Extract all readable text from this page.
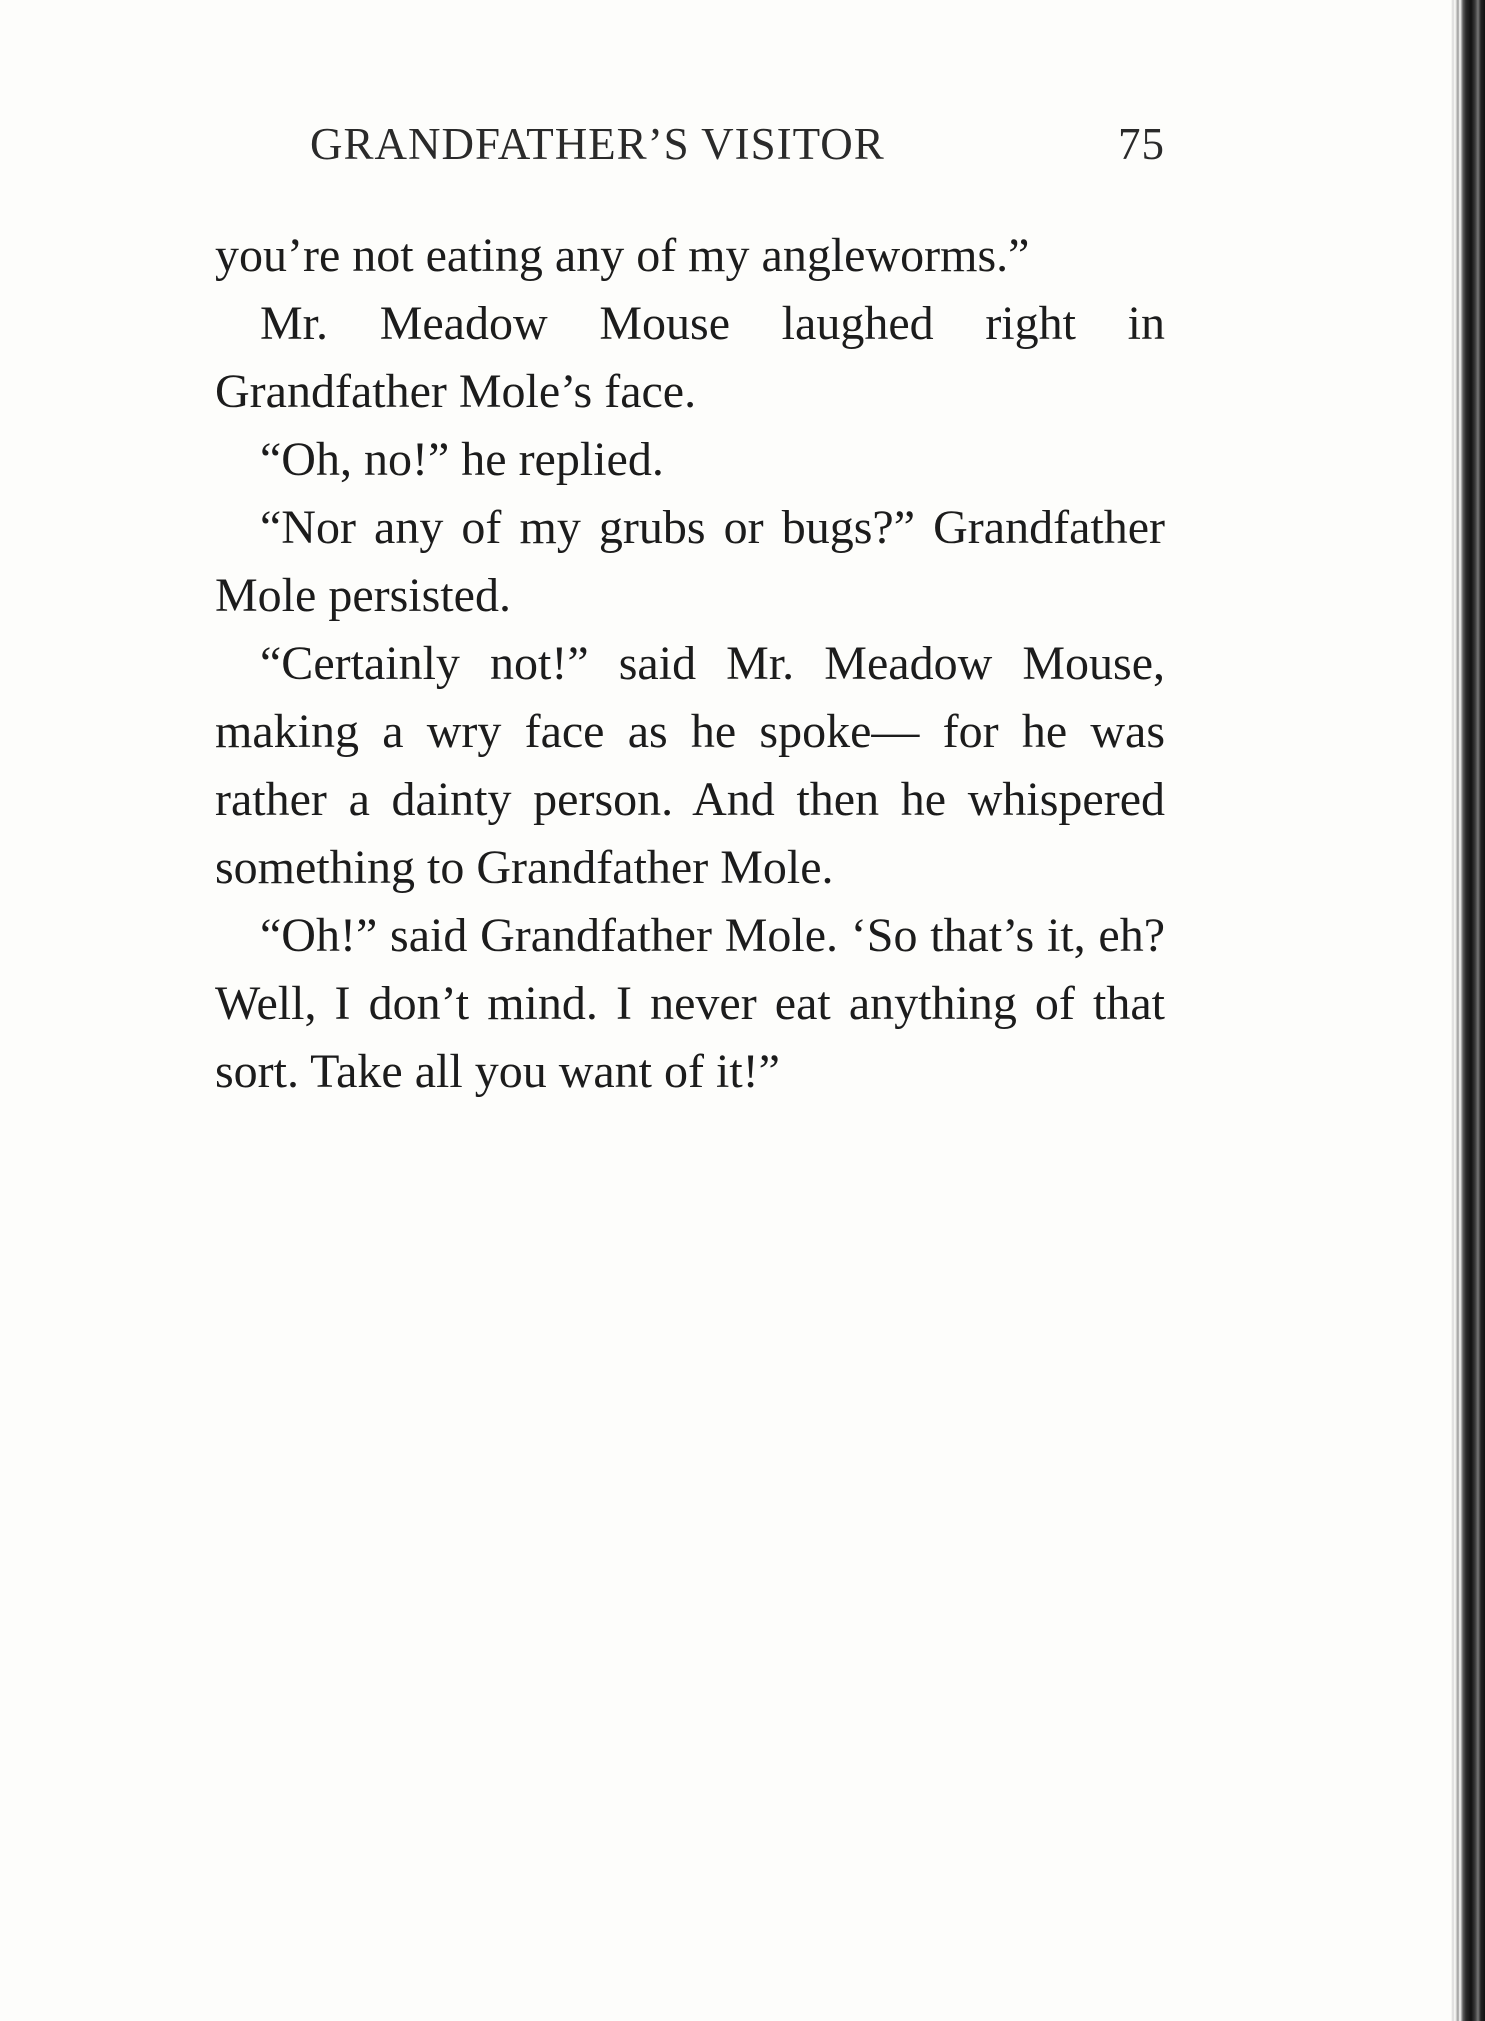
GRANDFATHER’S VISITOR	75

you’re not eating any of my angleworms.”

Mr. Meadow Mouse laughed right in Grandfather Mole’s face.

“Oh, no!” he replied.

“Nor any of my grubs or bugs?” Grandfather Mole persisted.

“Certainly not!” said Mr. Meadow Mouse, making a wry face as he spoke— for he was rather a dainty person. And then he whispered something to Grandfather Mole.

“Oh!” said Grandfather Mole. ‘So that’s it, eh? Well, I don’t mind. I never eat anything of that sort. Take all you want of it!”
